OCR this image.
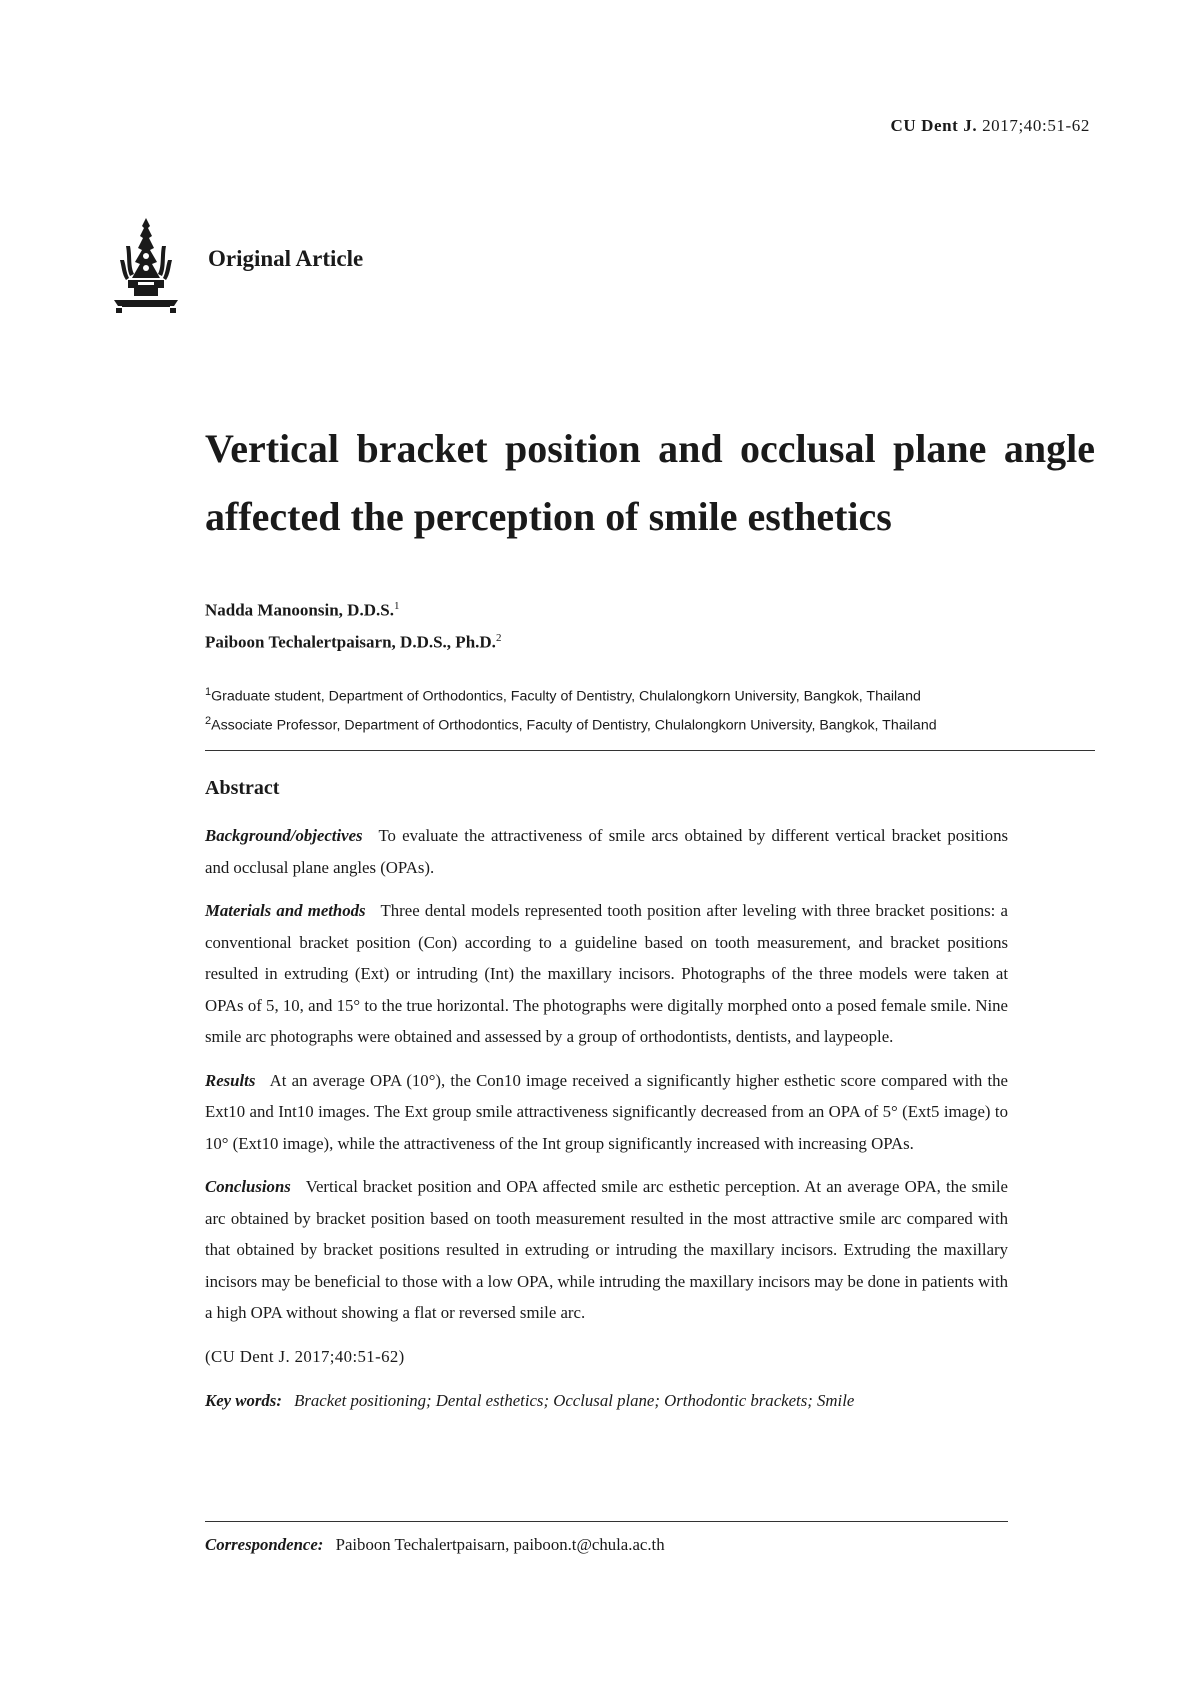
CU Dent J. 2017;40:51-62
Original Article
Vertical bracket position and occlusal plane angle affected the perception of smile esthetics
Nadda Manoonsin, D.D.S.$^1$
Paiboon Techalertpaisarn, D.D.S., Ph.D.$^2$
$^1$Graduate student, Department of Orthodontics, Faculty of Dentistry, Chulalongkorn University, Bangkok, Thailand
$^2$Associate Professor, Department of Orthodontics, Faculty of Dentistry, Chulalongkorn University, Bangkok, Thailand
Abstract

Background/objectives To evaluate the attractiveness of smile arcs obtained by different vertical bracket positions and occlusal plane angles (OPAs).

Materials and methods Three dental models represented tooth position after leveling with three bracket positions: a conventional bracket position (Con) according to a guideline based on tooth measurement, and bracket positions resulted in extruding (Ext) or intruding (Int) the maxillary incisors. Photographs of the three models were taken at OPAs of 5, 10, and 15° to the true horizontal. The photographs were digitally morphed onto a posed female smile. Nine smile arc photographs were obtained and assessed by a group of orthodontists, dentists, and laypeople.

Results At an average OPA (10°), the Con10 image received a significantly higher esthetic score compared with the Ext10 and Int10 images. The Ext group smile attractiveness significantly decreased from an OPA of 5° (Ext5 image) to 10° (Ext10 image), while the attractiveness of the Int group significantly increased with increasing OPAs.

Conclusions Vertical bracket position and OPA affected smile arc esthetic perception. At an average OPA, the smile arc obtained by bracket position based on tooth measurement resulted in the most attractive smile arc compared with that obtained by bracket positions resulted in extruding or intruding the maxillary incisors. Extruding the maxillary incisors may be beneficial to those with a low OPA, while intruding the maxillary incisors may be done in patients with a high OPA without showing a flat or reversed smile arc.

(CU Dent J. 2017;40:51-62)

Key words: Bracket positioning; Dental esthetics; Occlusal plane; Orthodontic brackets; Smile

Correspondence: Paiboon Techalertpaisarn, paiboon.t@chula.ac.th
